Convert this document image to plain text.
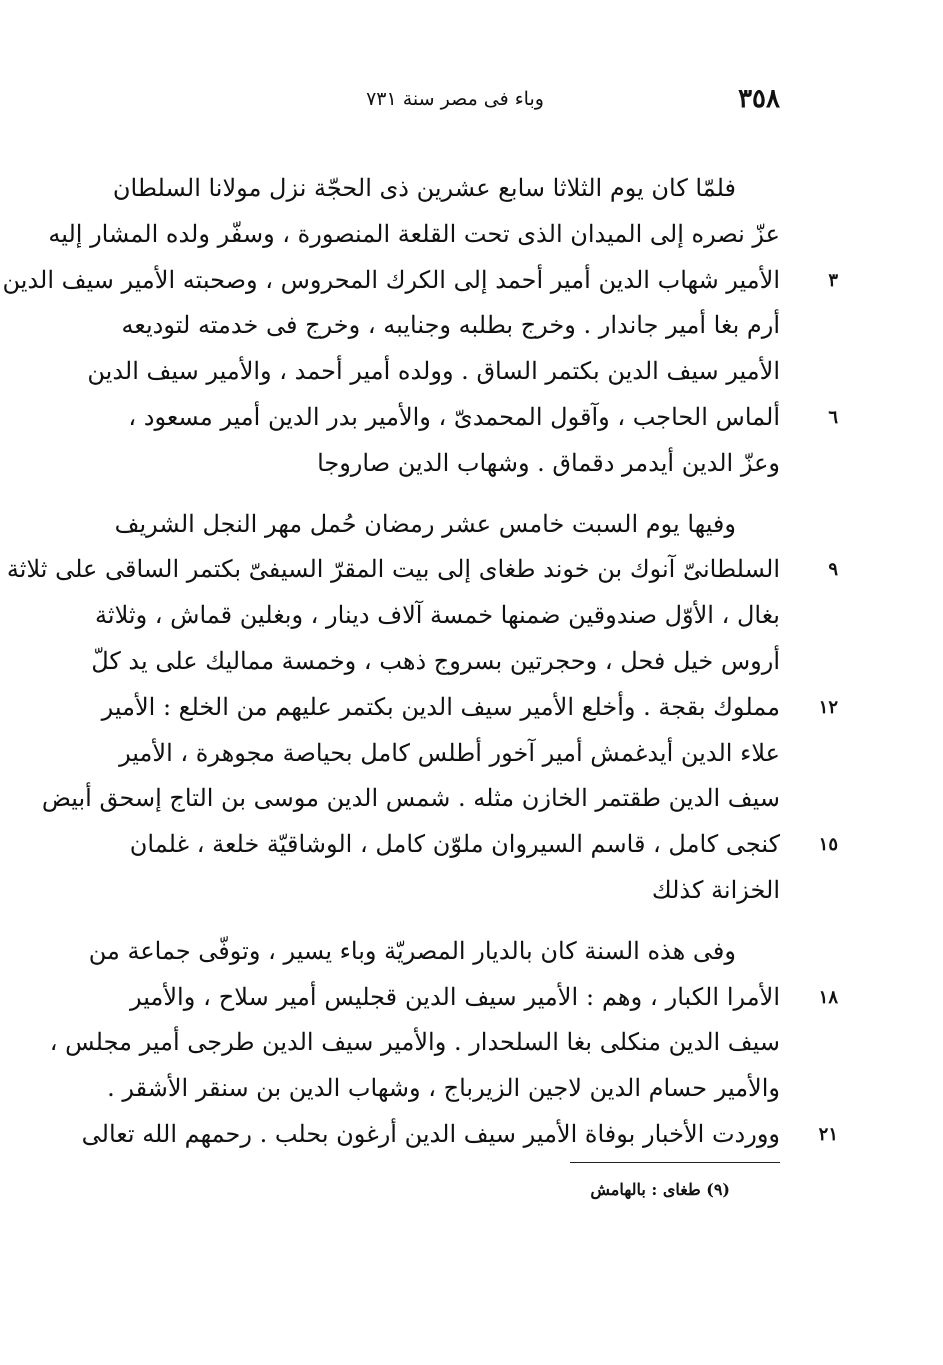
٣٥٨
وباء فى مصر سنة ٧٣١
فلمّا كان يوم الثلاثا سابع عشرين ذى الحجّة نزل مولانا السلطان
عزّ نصره إلى الميدان الذى تحت القلعة المنصورة ، وسفّر ولده المشار إليه
٣
الأمير شهاب الدين أمير أحمد إلى الكرك المحروس ، وصحبته الأمير سيف الدين
أرم بغا أمير جاندار . وخرج بطلبه وجنايبه ، وخرج فى خدمته لتوديعه
الأمير سيف الدين بكتمر الساق . وولده أمير أحمد ، والأمير سيف الدين
٦
ألماس الحاجب ، وآقول المحمدىّ ، والأمير بدر الدين أمير مسعود ،
وعزّ الدين أيدمر دقماق . وشهاب الدين صاروجا
وفيها يوم السبت خامس عشر رمضان حُمل مهر النجل الشريف
٩
السلطانىّ آنوك بن خوند طغاى إلى بيت المقرّ السيفىّ بكتمر الساقى على ثلاثة
بغال ، الأوّل صندوقين ضمنها خمسة آلاف دينار ، وبغلين قماش ، وثلاثة
أروس خيل فحل ، وحجرتين بسروج ذهب ، وخمسة مماليك على يد كلّ
١٢
مملوك بقجة . وأخلع الأمير سيف الدين بكتمر عليهم من الخلع : الأمير
علاء الدين أيدغمش أمير آخور أطلس كامل بحياصة مجوهرة ، الأمير
سيف الدين طقتمر الخازن مثله . شمس الدين موسى بن التاج إسحق أبيض
١٥
كنجى كامل ، قاسم السيروان ملوّن كامل ، الوشاقيّة خلعة ، غلمان
الخزانة كذلك
وفى هذه السنة كان بالديار المصريّة وباء يسير ، وتوفّى جماعة من
١٨
الأمرا الكبار ، وهم : الأمير سيف الدين قجليس أمير سلاح ، والأمير
سيف الدين منكلى بغا السلحدار . والأمير سيف الدين طرجى أمير مجلس ،
والأمير حسام الدين لاجين الزيرباج ، وشهاب الدين بن سنقر الأشقر .
٢١
ووردت الأخبار بوفاة الأمير سيف الدين أرغون بحلب . رحمهم الله تعالى
(٩) طغاى : بالهامش
